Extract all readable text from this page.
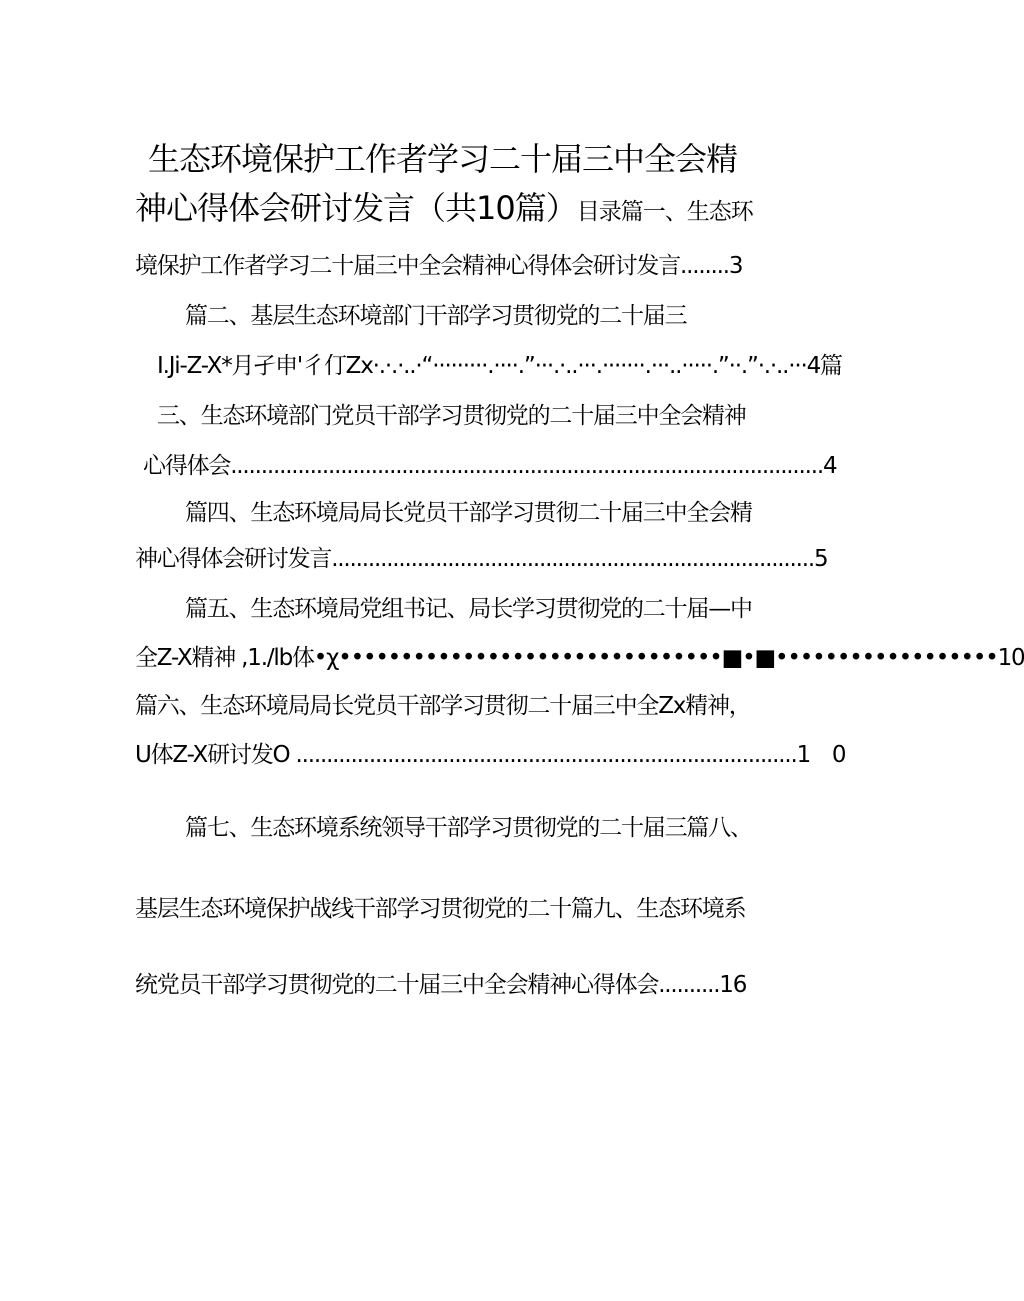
生态环境保护工作者学习二十届三中全会精
神心得体会研讨发言（共10篇）目录篇一、生态环
境保护工作者学习二十届三中全会精神心得体会研讨发言........3
篇二、基层生态环境部门干部学习贯彻党的二十届三
I.Ji-Z-X*月孑申'彳仃Zx·.·.·..·“·········.····.”···.·..···.·······.···..·····.”··.”·.·..···4篇
三、生态环境部门党员干部学习贯彻党的二十届三中全会精神
心得体会.................................................................................................4
篇四、生态环境局局长党员干部学习贯彻二十届三中全会精
神心得体会研讨发言...............................................................................5
篇五、生态环境局党组书记、局长学习贯彻党的二十届—中
全Z-X精神 ,1./lb体•χ•••••••••••••••••••••••••••••••■•■••••••••••••••••••10
篇六、生态环境局局长党员干部学习贯彻二十届三中全Zx精神，
U体Z-X研讨发O ..................................................................................1　0
篇七、生态环境系统领导干部学习贯彻党的二十届三篇八、
基层生态环境保护战线干部学习贯彻党的二十篇九、生态环境系
统党员干部学习贯彻党的二十届三中全会精神心得体会..........16
